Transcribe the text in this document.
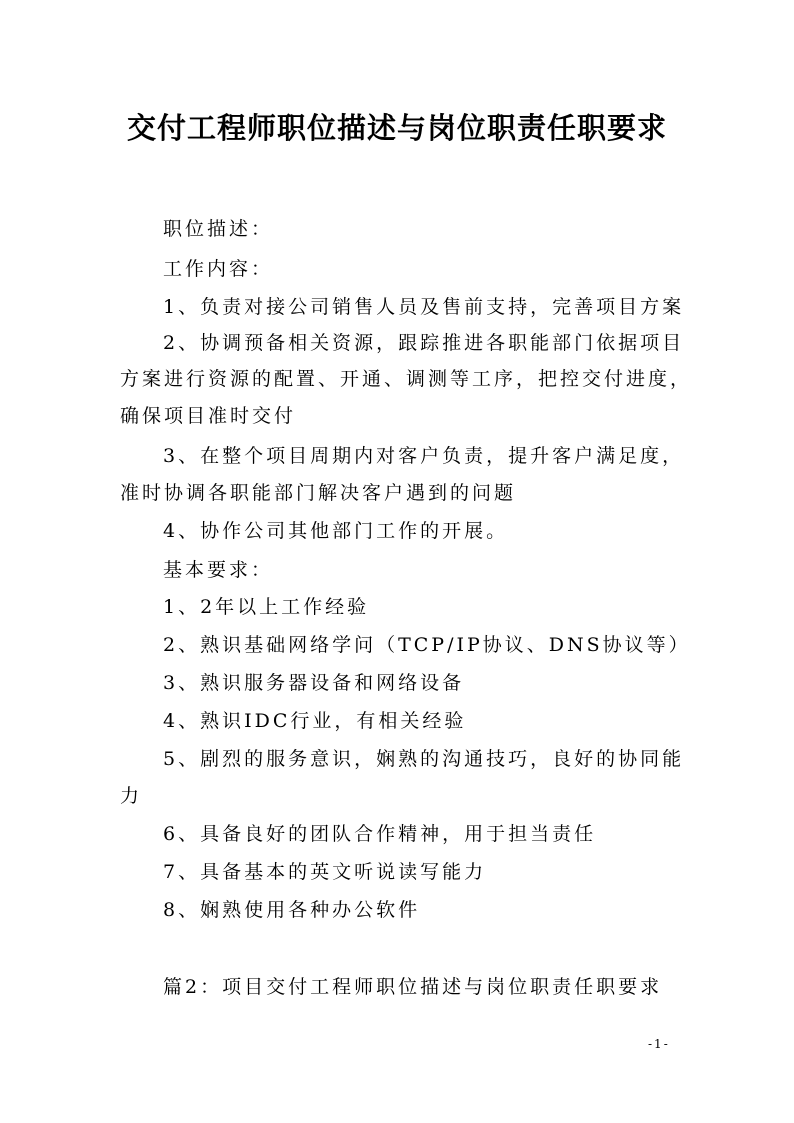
交付工程师职位描述与岗位职责任职要求
职位描述：
工作内容：
1、负责对接公司销售人员及售前支持，完善项目方案
2、协调预备相关资源，跟踪推进各职能部门依据项目
方案进行资源的配置、开通、调测等工序，把控交付进度，
确保项目准时交付
3、在整个项目周期内对客户负责，提升客户满足度，
准时协调各职能部门解决客户遇到的问题
4、协作公司其他部门工作的开展。
基本要求：
1、2年以上工作经验
2、熟识基础网络学问（TCP/IP协议、DNS协议等）
3、熟识服务器设备和网络设备
4、熟识IDC行业，有相关经验
5、剧烈的服务意识，娴熟的沟通技巧，良好的协同能
力
6、具备良好的团队合作精神，用于担当责任
7、具备基本的英文听说读写能力
8、娴熟使用各种办公软件
篇2：项目交付工程师职位描述与岗位职责任职要求
-1-
